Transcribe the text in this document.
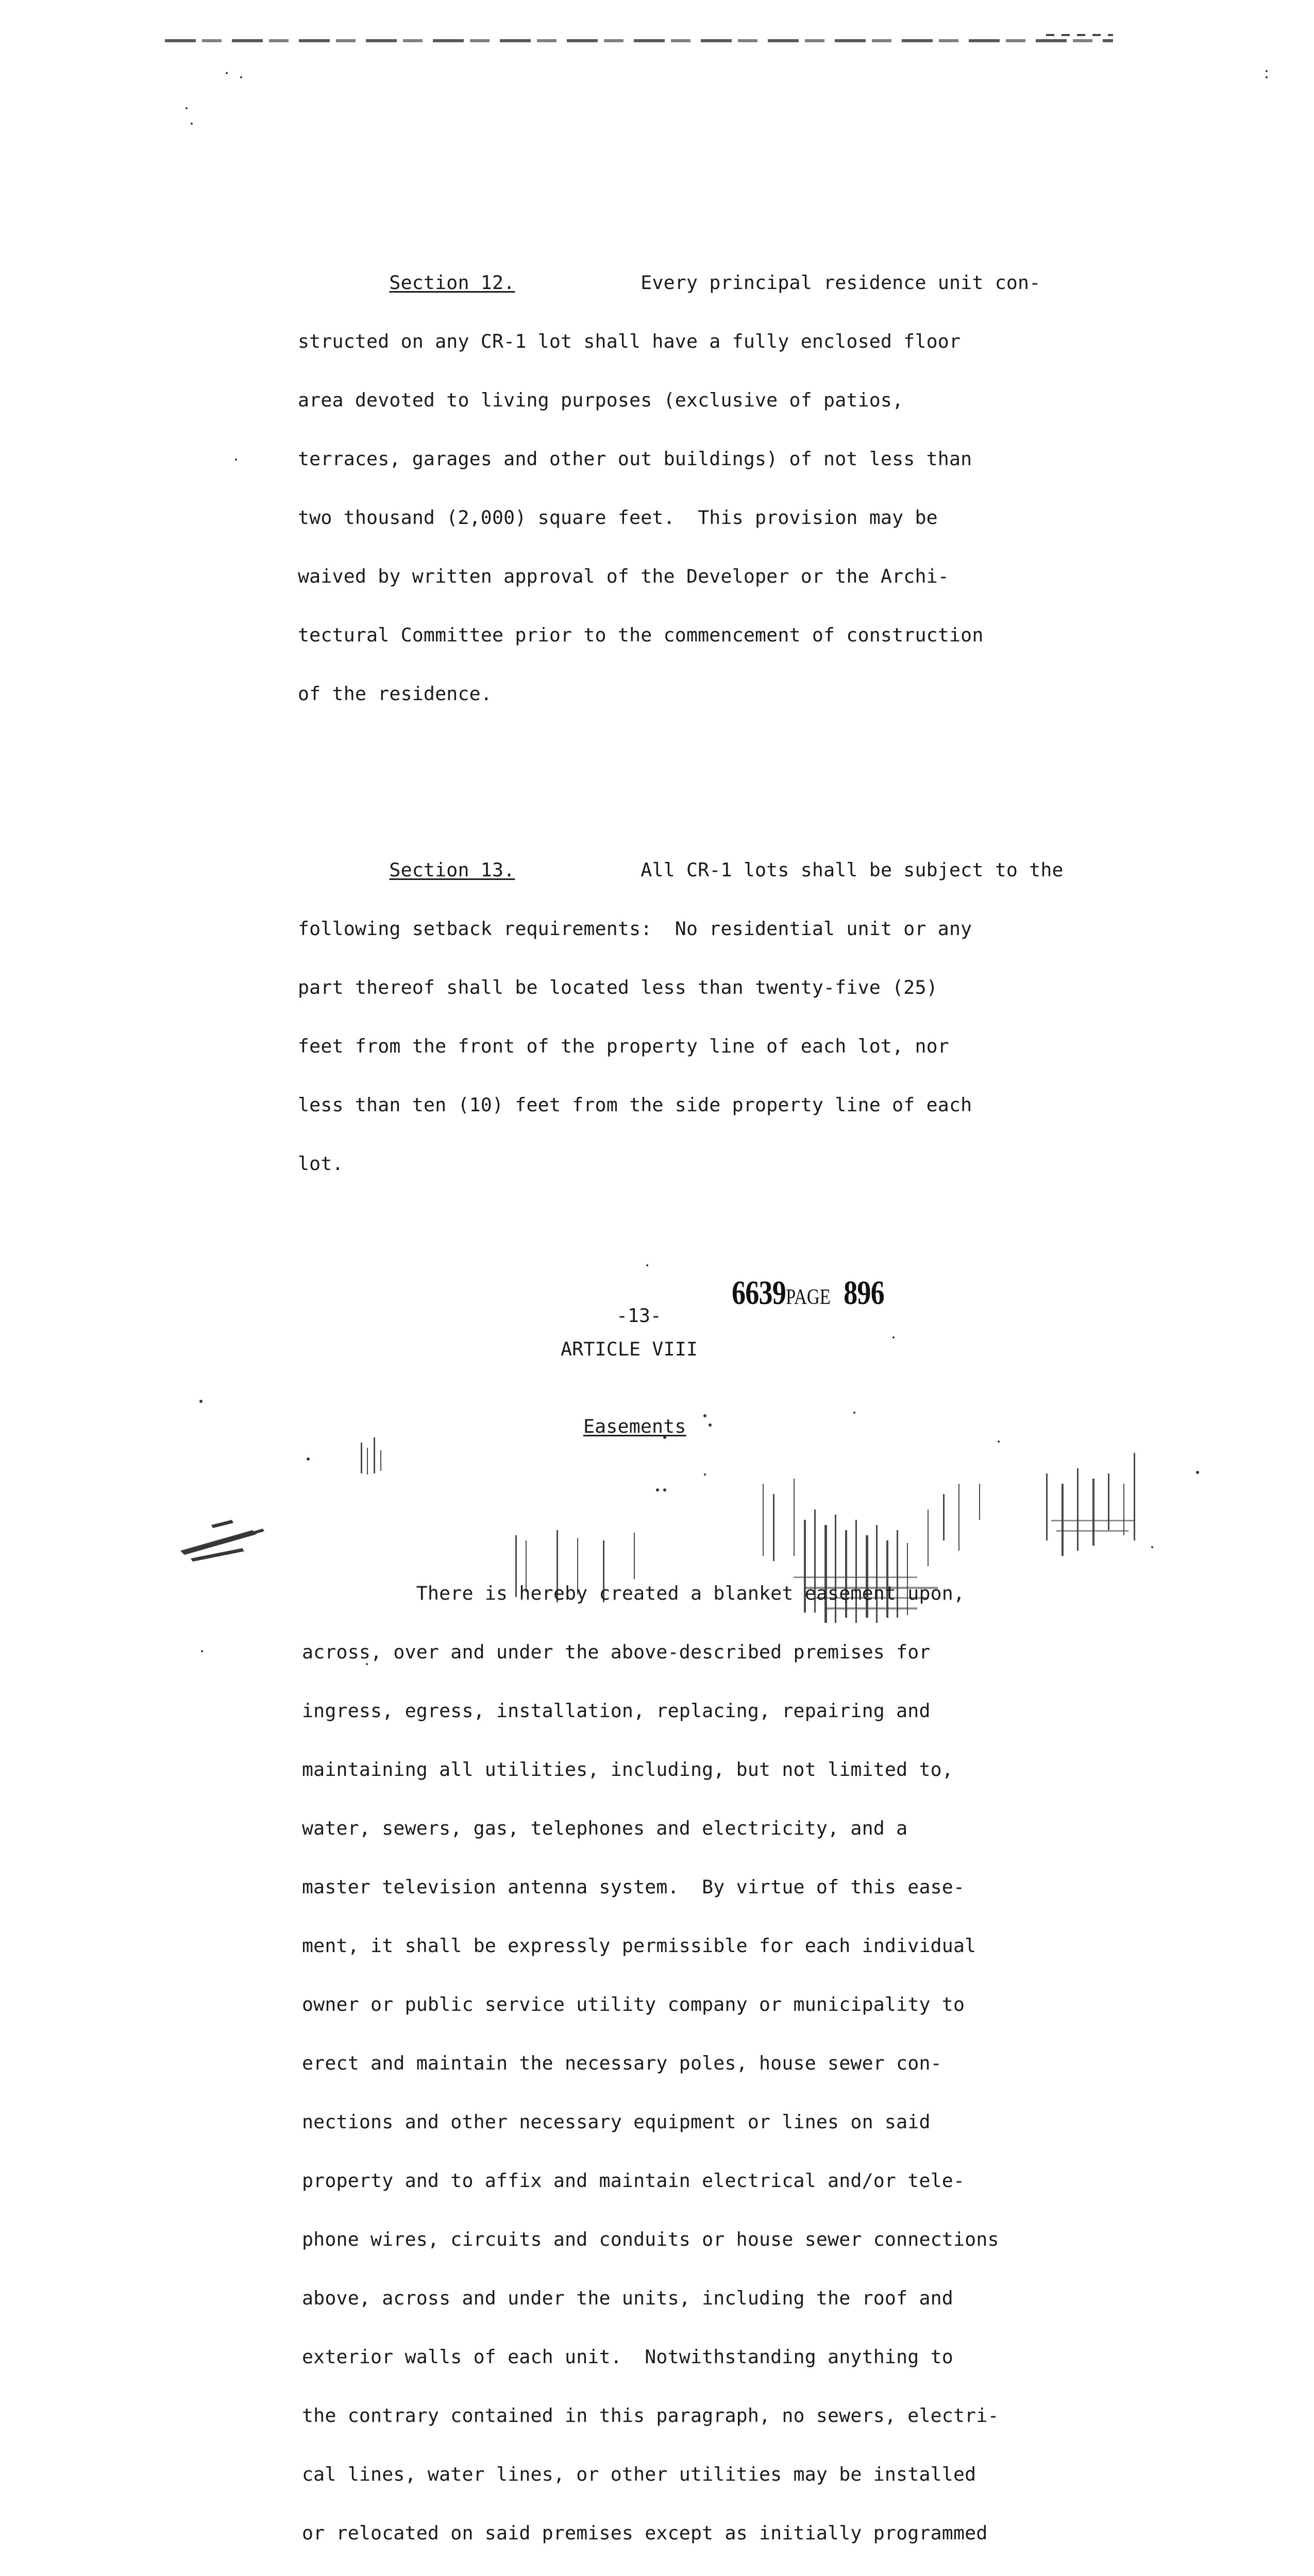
Section 12.           Every principal residence unit con-

structed on any CR-1 lot shall have a fully enclosed floor

area devoted to living purposes (exclusive of patios,

terraces, garages and other out buildings) of not less than

two thousand (2,000) square feet.  This provision may be

waived by written approval of the Developer or the Archi-

tectural Committee prior to the commencement of construction

of the residence.

Section 13.           All CR-1 lots shall be subject to the

following setback requirements:  No residential unit or any

part thereof shall be located less than twenty-five (25)

feet from the front of the property line of each lot, nor

less than ten (10) feet from the side property line of each

lot.

ARTICLE VIII

Easements

There is hereby created a blanket easement upon,

across, over and under the above-described premises for

ingress, egress, installation, replacing, repairing and

maintaining all utilities, including, but not limited to,

water, sewers, gas, telephones and electricity, and a

master television antenna system.  By virtue of this ease-

ment, it shall be expressly permissible for each individual

owner or public service utility company or municipality to

erect and maintain the necessary poles, house sewer con-

nections and other necessary equipment or lines on said

property and to affix and maintain electrical and/or tele-

phone wires, circuits and conduits or house sewer connections

above, across and under the units, including the roof and

exterior walls of each unit.  Notwithstanding anything to

the contrary contained in this paragraph, no sewers, electri-

cal lines, water lines, or other utilities may be installed

or relocated on said premises except as initially programmed

6639PAGE 896
-13-
